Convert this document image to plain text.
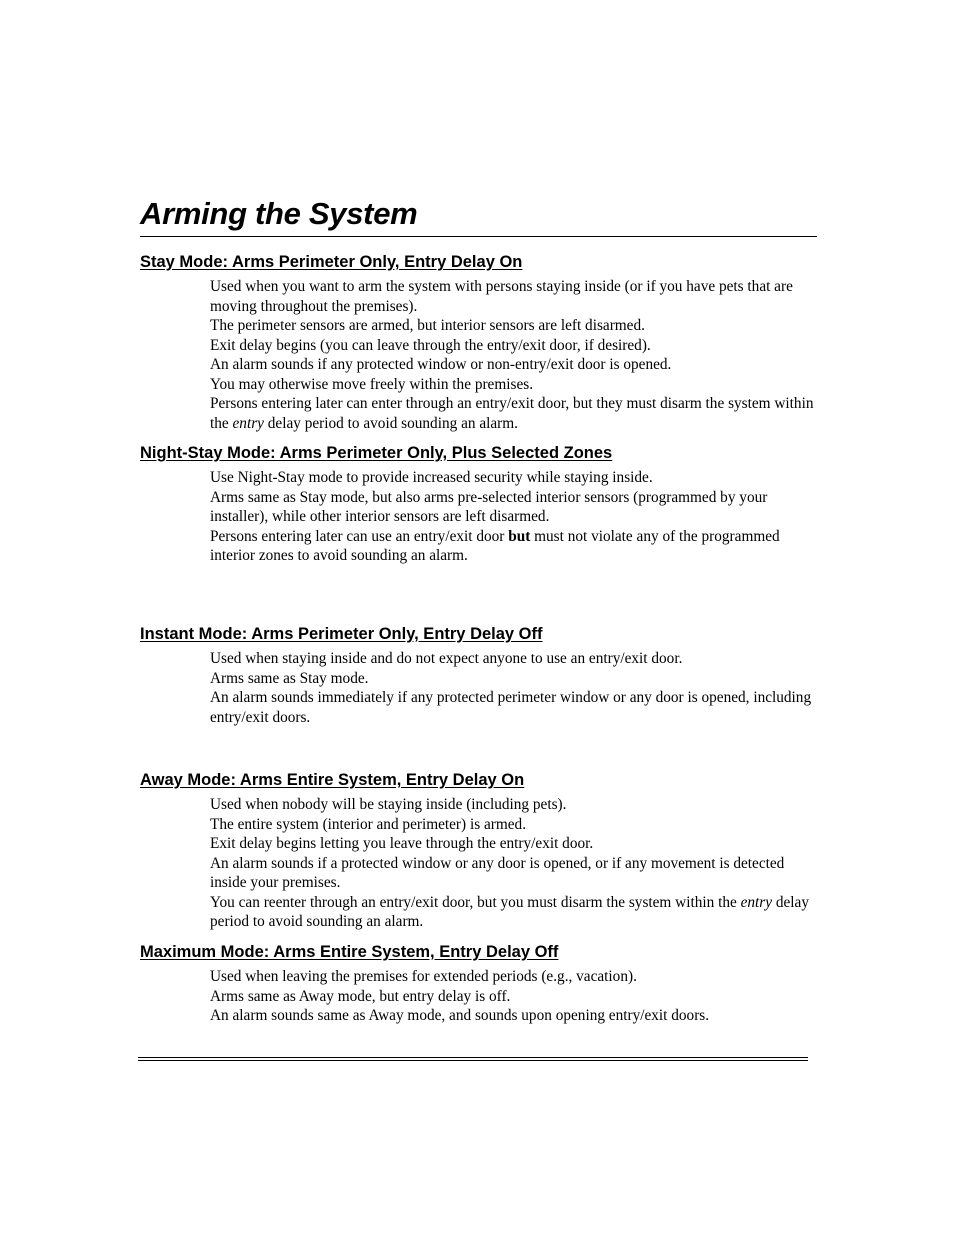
Arming the System
Stay Mode: Arms Perimeter Only, Entry Delay On

Used when you want to arm the system with persons staying inside (or if you have pets that are moving throughout the premises).

The perimeter sensors are armed, but interior sensors are left disarmed.

Exit delay begins (you can leave through the entry/exit door, if desired).

An alarm sounds if any protected window or non-entry/exit door is opened.

You may otherwise move freely within the premises.

Persons entering later can enter through an entry/exit door, but they must disarm the system within the entry delay period to avoid sounding an alarm.

Night-Stay Mode: Arms Perimeter Only, Plus Selected Zones

Use Night-Stay mode to provide increased security while staying inside.

Arms same as Stay mode, but also arms pre-selected interior sensors (programmed by your installer), while other interior sensors are left disarmed.

Persons entering later can use an entry/exit door but must not violate any of the programmed interior zones to avoid sounding an alarm.

Instant Mode: Arms Perimeter Only, Entry Delay Off

Used when staying inside and do not expect anyone to use an entry/exit door.

Arms same as Stay mode.

An alarm sounds immediately if any protected perimeter window or any door is opened, including entry/exit doors.

Away Mode: Arms Entire System, Entry Delay On

Used when nobody will be staying inside (including pets).

The entire system (interior and perimeter) is armed.

Exit delay begins letting you leave through the entry/exit door.

An alarm sounds if a protected window or any door is opened, or if any movement is detected inside your premises.

You can reenter through an entry/exit door, but you must disarm the system within the entry delay period to avoid sounding an alarm.

Maximum Mode: Arms Entire System, Entry Delay Off

Used when leaving the premises for extended periods (e.g., vacation).

Arms same as Away mode, but entry delay is off.

An alarm sounds same as Away mode, and sounds upon opening entry/exit doors.
